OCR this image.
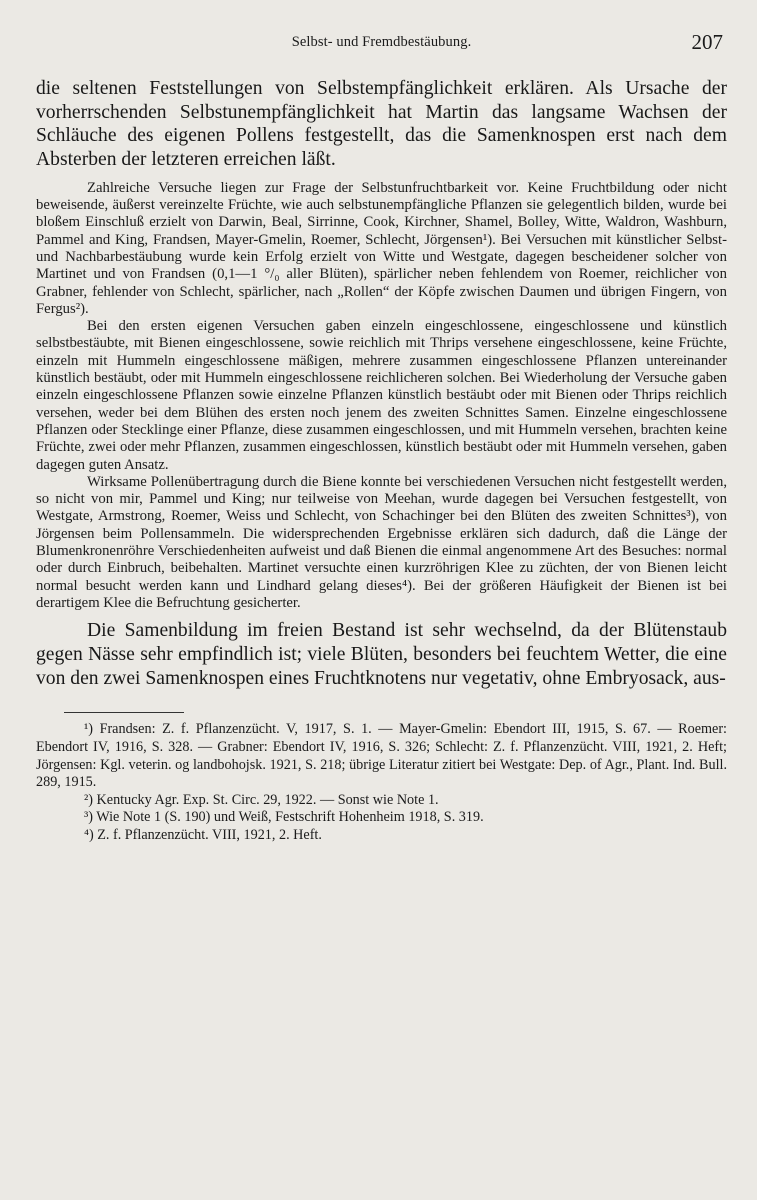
Selbst- und Fremdbestäubung.	207

die seltenen Feststellungen von Selbstempfänglichkeit erklären. Als Ursache der vorherrschenden Selbstunempfänglichkeit hat Martin das langsame Wachsen der Schläuche des eigenen Pollens festgestellt, das die Samenknospen erst nach dem Absterben der letzteren erreichen läßt.

Zahlreiche Versuche liegen zur Frage der Selbstunfruchtbarkeit vor. Keine Fruchtbildung oder nicht beweisende, äußerst vereinzelte Früchte, wie auch selbstunempfängliche Pflanzen sie gelegentlich bilden, wurde bei bloßem Einschluß erzielt von Darwin, Beal, Sirrinne, Cook, Kirchner, Shamel, Bolley, Witte, Waldron, Washburn, Pammel and King, Frandsen, Mayer-Gmelin, Roemer, Schlecht, Jörgensen¹). Bei Versuchen mit künstlicher Selbst- und Nachbarbestäubung wurde kein Erfolg erzielt von Witte und Westgate, dagegen bescheidener solcher von Martinet und von Frandsen (0,1—1 °/₀ aller Blüten), spärlicher neben fehlendem von Roemer, reichlicher von Grabner, fehlender von Schlecht, spärlicher, nach „Rollen“ der Köpfe zwischen Daumen und übrigen Fingern, von Fergus²).

Bei den ersten eigenen Versuchen gaben einzeln eingeschlossene, eingeschlossene und künstlich selbstbestäubte, mit Bienen eingeschlossene, sowie reichlich mit Thrips versehene eingeschlossene, keine Früchte, einzeln mit Hummeln eingeschlossene mäßigen, mehrere zusammen eingeschlossene Pflanzen untereinander künstlich bestäubt, oder mit Hummeln eingeschlossene reichlicheren solchen. Bei Wiederholung der Versuche gaben einzeln eingeschlossene Pflanzen sowie einzelne Pflanzen künstlich bestäubt oder mit Bienen oder Thrips reichlich versehen, weder bei dem Blühen des ersten noch jenem des zweiten Schnittes Samen. Einzelne eingeschlossene Pflanzen oder Stecklinge einer Pflanze, diese zusammen eingeschlossen, und mit Hummeln versehen, brachten keine Früchte, zwei oder mehr Pflanzen, zusammen eingeschlossen, künstlich bestäubt oder mit Hummeln versehen, gaben dagegen guten Ansatz.

Wirksame Pollenübertragung durch die Biene konnte bei verschiedenen Versuchen nicht festgestellt werden, so nicht von mir, Pammel und King; nur teilweise von Meehan, wurde dagegen bei Versuchen festgestellt, von Westgate, Armstrong, Roemer, Weiss und Schlecht, von Schachinger bei den Blüten des zweiten Schnittes³), von Jörgensen beim Pollensammeln. Die widersprechenden Ergebnisse erklären sich dadurch, daß die Länge der Blumenkronenröhre Verschiedenheiten aufweist und daß Bienen die einmal angenommene Art des Besuches: normal oder durch Einbruch, beibehalten. Martinet versuchte einen kurzröhrigen Klee zu züchten, der von Bienen leicht normal besucht werden kann und Lindhard gelang dieses⁴). Bei der größeren Häufigkeit der Bienen ist bei derartigem Klee die Befruchtung gesicherter.

Die Samenbildung im freien Bestand ist sehr wechselnd, da der Blütenstaub gegen Nässe sehr empfindlich ist; viele Blüten, besonders bei feuchtem Wetter, die eine von den zwei Samenknospen eines Fruchtknotens nur vegetativ, ohne Embryosack, aus-

¹) Frandsen: Z. f. Pflanzenzücht. V, 1917, S. 1. — Mayer-Gmelin: Ebendort III, 1915, S. 67. — Roemer: Ebendort IV, 1916, S. 328. — Grabner: Ebendort IV, 1916, S. 326; Schlecht: Z. f. Pflanzenzücht. VIII, 1921, 2. Heft; Jörgensen: Kgl. veterin. og landbohojsk. 1921, S. 218; übrige Literatur zitiert bei Westgate: Dep. of Agr., Plant. Ind. Bull. 289, 1915.

²) Kentucky Agr. Exp. St. Circ. 29, 1922. — Sonst wie Note 1.

³) Wie Note 1 (S. 190) und Weiß, Festschrift Hohenheim 1918, S. 319.

⁴) Z. f. Pflanzenzücht. VIII, 1921, 2. Heft.
